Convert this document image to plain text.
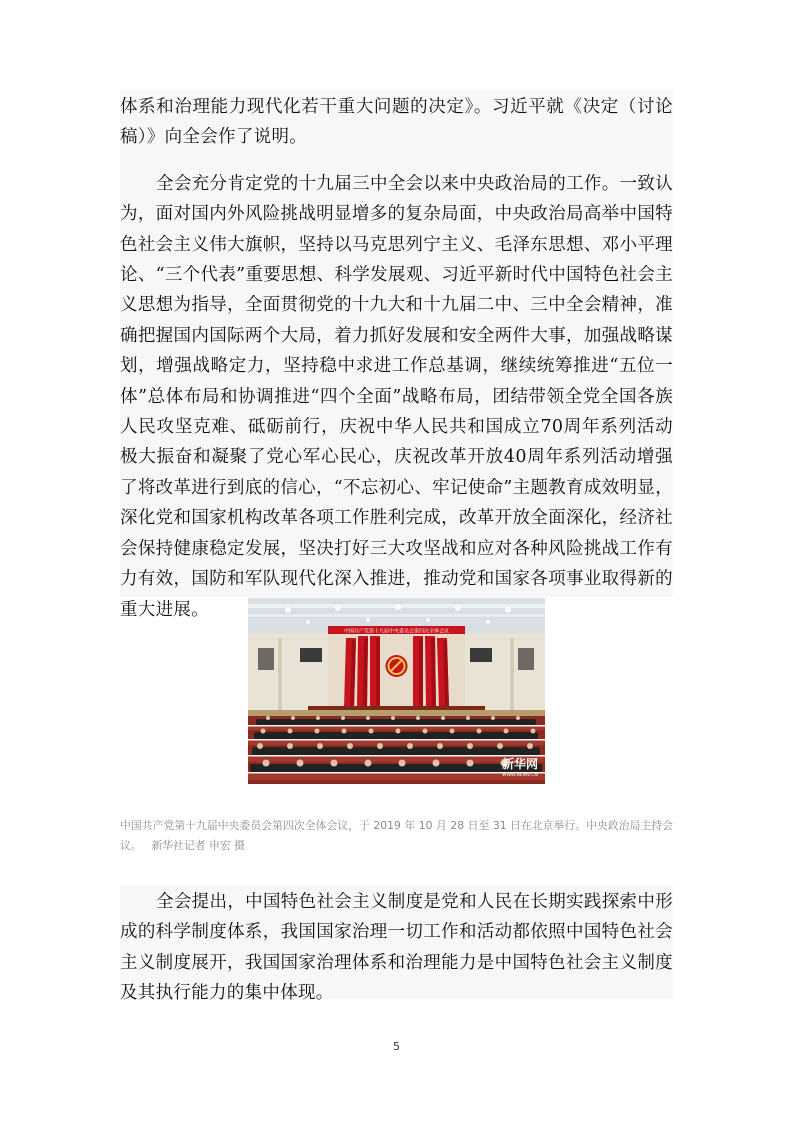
体系和治理能力现代化若干重大问题的决定》。习近平就《决定（讨论稿）》向全会作了说明。

全会充分肯定党的十九届三中全会以来中央政治局的工作。一致认为，面对国内外风险挑战明显增多的复杂局面，中央政治局高举中国特色社会主义伟大旗帜，坚持以马克思列宁主义、毛泽东思想、邓小平理论、“三个代表”重要思想、科学发展观、习近平新时代中国特色社会主义思想为指导，全面贯彻党的十九大和十九届二中、三中全会精神，准确把握国内国际两个大局，着力抓好发展和安全两件大事，加强战略谋划，增强战略定力，坚持稳中求进工作总基调，继续统筹推进“五位一体”总体布局和协调推进“四个全面”战略布局，团结带领全党全国各族人民攻坚克难、砥砺前行，庆祝中华人民共和国成立70周年系列活动极大振奋和凝聚了党心军心民心，庆祝改革开放40周年系列活动增强了将改革进行到底的信心，“不忘初心、牢记使命”主题教育成效明显，深化党和国家机构改革各项工作胜利完成，改革开放全面深化，经济社会保持健康稳定发展，坚决打好三大攻坚战和应对各种风险挑战工作有力有效，国防和军队现代化深入推进，推动党和国家各项事业取得新的重大进展。

中国共产党第十九届中央委员会第四次全体会议
新华网
WWW.NEWS.CN

中国共产党第十九届中央委员会第四次全体会议，于 2019 年 10 月 28 日至 31 日在北京举行。中央政治局主持会议。 新华社记者 申宏 摄

全会提出，中国特色社会主义制度是党和人民在长期实践探索中形成的科学制度体系，我国国家治理一切工作和活动都依照中国特色社会主义制度展开，我国国家治理体系和治理能力是中国特色社会主义制度及其执行能力的集中体现。

5
